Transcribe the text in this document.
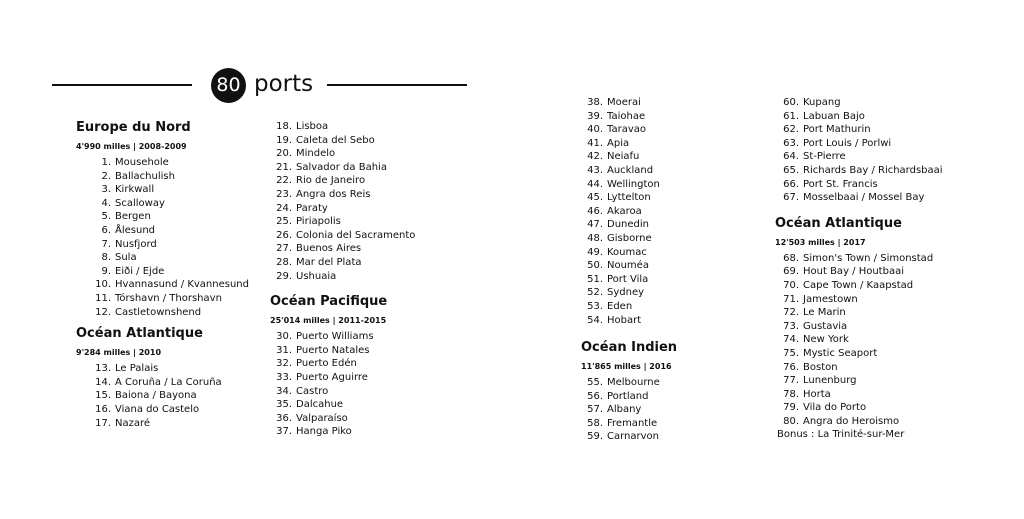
80 ports
Europe du Nord
4'990 milles | 2008-2009
1. Mousehole
2. Ballachulish
3. Kirkwall
4. Scalloway
5. Bergen
6. Ålesund
7. Nusfjord
8. Sula
9. Eiði / Ejde
10. Hvannasund / Kvannesund
11. Tórshavn / Thorshavn
12. Castletownshend
Océan Atlantique
9'284 milles | 2010
13. Le Palais
14. A Coruña / La Coruña
15. Baiona / Bayona
16. Viana do Castelo
17. Nazaré
18. Lisboa
19. Caleta del Sebo
20. Mindelo
21. Salvador da Bahia
22. Rio de Janeiro
23. Angra dos Reis
24. Paraty
25. Piriapolis
26. Colonia del Sacramento
27. Buenos Aires
28. Mar del Plata
29. Ushuaia
Océan Pacifique
25'014 milles | 2011-2015
30. Puerto Williams
31. Puerto Natales
32. Puerto Edén
33. Puerto Aguirre
34. Castro
35. Dalcahue
36. Valparaíso
37. Hanga Piko
38. Moerai
39. Taiohae
40. Taravao
41. Apia
42. Neiafu
43. Auckland
44. Wellington
45. Lyttelton
46. Akaroa
47. Dunedin
48. Gisborne
49. Koumac
50. Nouméa
51. Port Vila
52. Sydney
53. Eden
54. Hobart
Océan Indien
11'865 milles | 2016
55. Melbourne
56. Portland
57. Albany
58. Fremantle
59. Carnarvon
60. Kupang
61. Labuan Bajo
62. Port Mathurin
63. Port Louis / Porlwi
64. St-Pierre
65. Richards Bay / Richardsbaai
66. Port St. Francis
67. Mosselbaai / Mossel Bay
Océan Atlantique
12'503 milles | 2017
68. Simon's Town / Simonstad
69. Hout Bay / Houtbaai
70. Cape Town / Kaapstad
71. Jamestown
72. Le Marin
73. Gustavia
74. New York
75. Mystic Seaport
76. Boston
77. Lunenburg
78. Horta
79. Vila do Porto
80. Angra do Heroismo
Bonus : La Trinité-sur-Mer
